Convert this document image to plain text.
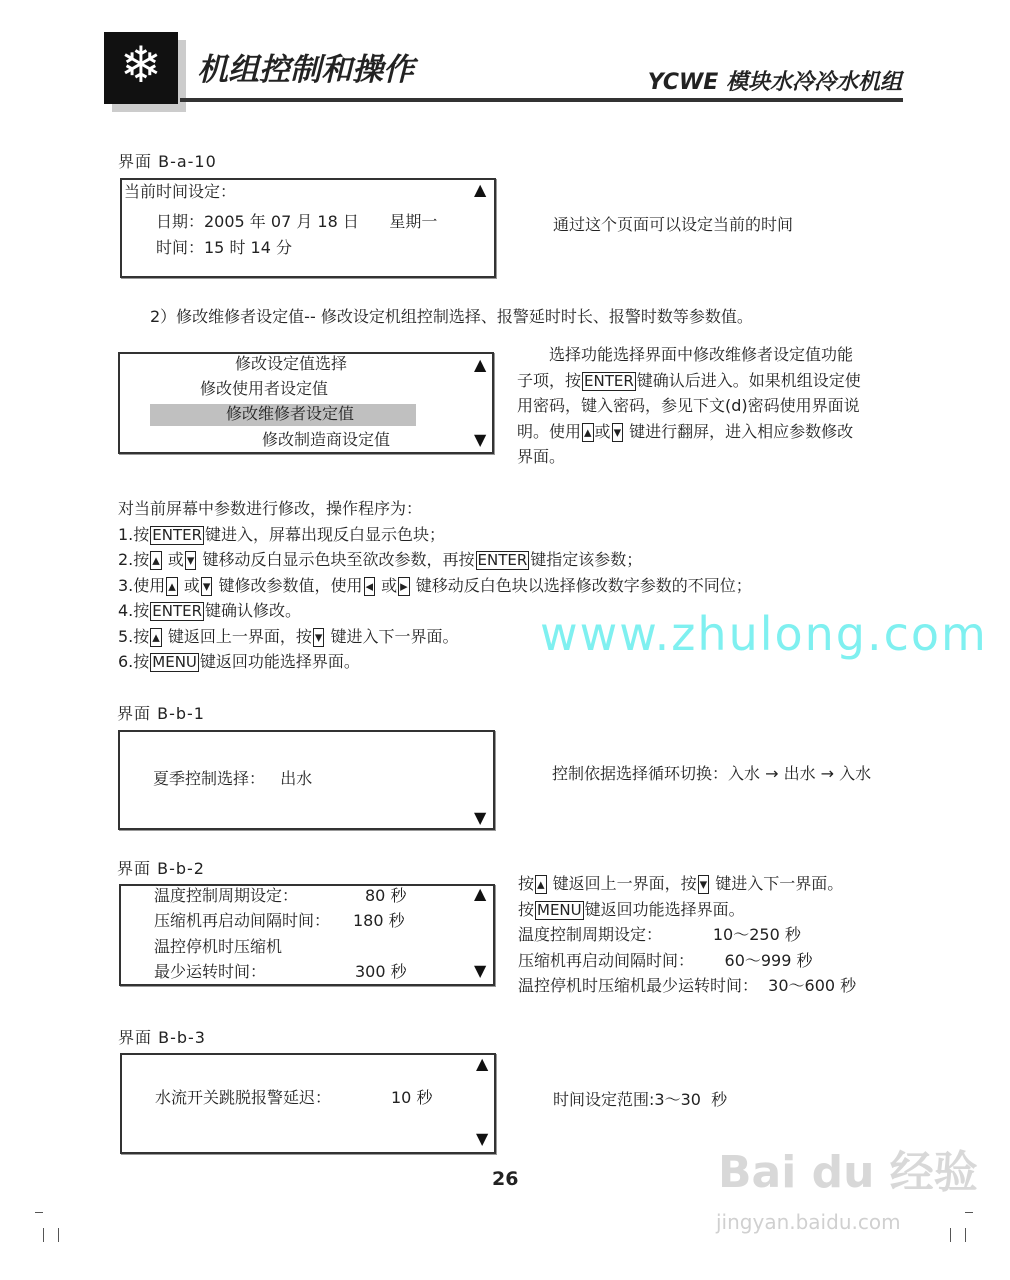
❄	机组控制和操作	YCWE 模块水冷冷水机组
界面 B-a-10
当前时间设定：
日期：2005 年 07 月 18 日      星期一
时间：15 时 14 分
▲
通过这个页面可以设定当前的时间
2）修改维修者设定值-- 修改设定机组控制选择、报警延时时长、报警时数等参数值。
修改设定值选择
修改使用者设定值
修改维修者设定值
修改制造商设定值
▲
▼
　　选择功能选择界面中修改维修者设定值功能
子项，按 ENTER 键确认后进入。如果机组设定使
用密码，键入密码，参见下文(d)密码使用界面说
明。使用 ▴ 或 ▾ 键进行翻屏，进入相应参数修改
界面。
对当前屏幕中参数进行修改，操作程序为：
1.按 ENTER 键进入，屏幕出现反白显示色块；
2.按 ▴ 或 ▾ 键移动反白显示色块至欲改参数，再按 ENTER 键指定该参数；
3.使用 ▴ 或 ▾ 键修改参数值，使用 ◂ 或 ▸ 键移动反白色块以选择修改数字参数的不同位；
4.按 ENTER 键确认修改。
5.按 ▴ 键返回上一界面，按 ▾ 键进入下一界面。
6.按 MENU 键返回功能选择界面。
界面 B-b-1
夏季控制选择：   出水
▼
控制依据选择循环切换：入水 → 出水 → 入水
界面 B-b-2
温度控制周期设定：	80 秒
压缩机再启动间隔时间： 180 秒
温控停机时压缩机
最少运转时间：	300 秒
▲
▼
按 ▴ 键返回上一界面，按 ▾ 键进入下一界面。
按 MENU 键返回功能选择界面。
温度控制周期设定：          10～250 秒
压缩机再启动间隔时间：      60～999 秒
温控停机时压缩机最少运转时间：  30～600 秒
界面 B-b-3
水流开关跳脱报警延迟：	10 秒
▲
▼
时间设定范围:3～30  秒
26
www.zhulong.com
Bai du 经验
jingyan.baidu.com
